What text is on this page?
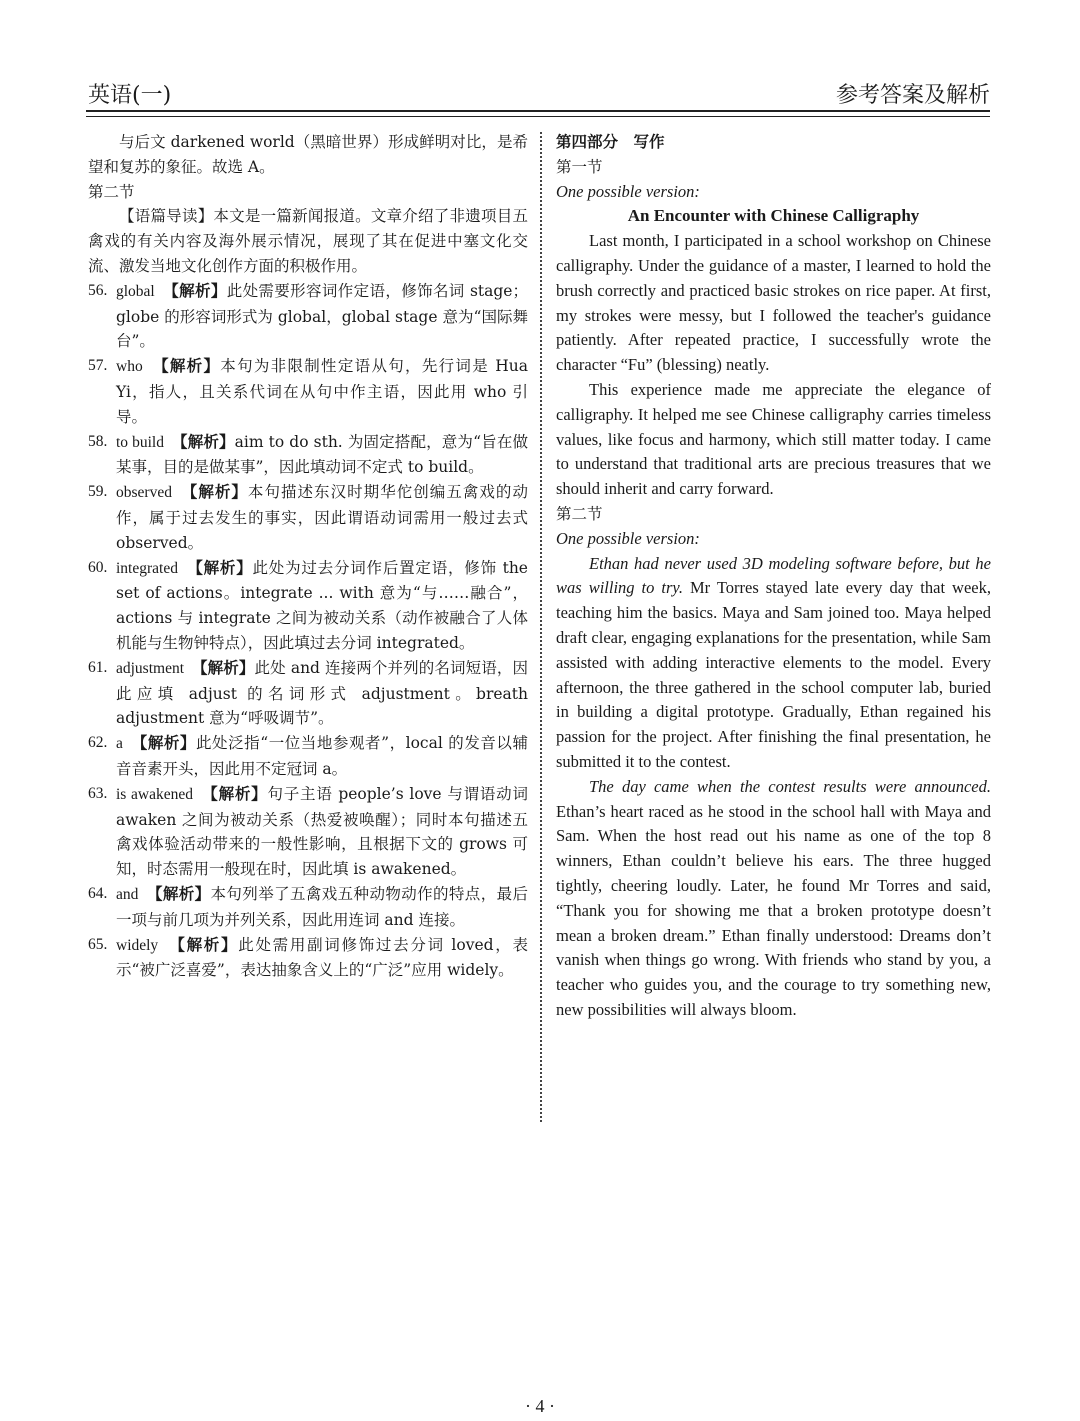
英语(一)	参考答案及解析

与后文 darkened world（黑暗世界）形成鲜明对比，是希望和复苏的象征。故选 A。

第二节

【语篇导读】本文是一篇新闻报道。文章介绍了非遗项目五禽戏的有关内容及海外展示情况，展现了其在促进中塞文化交流、激发当地文化创作方面的积极作用。

56. global　 【解析】此处需要形容词作定语，修饰名词 stage；globe 的形容词形式为 global，global stage 意为“国际舞台”。
57. who　 【解析】本句为非限制性定语从句，先行词是 Hua Yi，指人，且关系代词在从句中作主语，因此用 who 引导。
58. to build　 【解析】aim to do sth. 为固定搭配，意为“旨在做某事，目的是做某事”，因此填动词不定式 to build。
59. observed　 【解析】本句描述东汉时期华佗创编五禽戏的动作，属于过去发生的事实，因此谓语动词需用一般过去式 observed。
60. integrated　 【解析】此处为过去分词作后置定语，修饰 the set of actions。integrate ... with 意为“与……融合”，actions 与 integrate 之间为被动关系（动作被融合了人体机能与生物钟特点），因此填过去分词 integrated。
61. adjustment　 【解析】此处 and 连接两个并列的名词短语，因此应填 adjust 的名词形式 adjustment。breath adjustment 意为“呼吸调节”。
62. a　 【解析】此处泛指“一位当地参观者”，local 的发音以辅音音素开头，因此用不定冠词 a。
63. is awakened　 【解析】句子主语 people’s love 与谓语动词 awaken 之间为被动关系（热爱被唤醒）；同时本句描述五禽戏体验活动带来的一般性影响，且根据下文的 grows 可知，时态需用一般现在时，因此填 is awakened。
64. and　 【解析】本句列举了五禽戏五种动物动作的特点，最后一项与前几项为并列关系，因此用连词 and 连接。
65. widely　 【解析】此处需用副词修饰过去分词 loved，表示“被广泛喜爱”，表达抽象含义上的“广泛”应用 widely。

第四部分　写作

第一节

One possible version:

An Encounter with Chinese Calligraphy

Last month, I participated in a school workshop on Chinese calligraphy. Under the guidance of a master, I learned to hold the brush correctly and practiced basic strokes on rice paper. At first, my strokes were messy, but I followed the teacher's guidance patiently. After repeated practice, I successfully wrote the character “Fu” (blessing) neatly.

This experience made me appreciate the elegance of calligraphy. It helped me see Chinese calligraphy carries timeless values, like focus and harmony, which still matter today. I came to understand that traditional arts are precious treasures that we should inherit and carry forward.

第二节

One possible version:

Ethan had never used 3D modeling software before, but he was willing to try. Mr Torres stayed late every day that week, teaching him the basics. Maya and Sam joined too. Maya helped draft clear, engaging explanations for the presentation, while Sam assisted with adding interactive elements to the model. Every afternoon, the three gathered in the school computer lab, buried in building a digital prototype. Gradually, Ethan regained his passion for the project. After finishing the final presentation, he submitted it to the contest.

The day came when the contest results were announced. Ethan’s heart raced as he stood in the school hall with Maya and Sam. When the host read out his name as one of the top 8 winners, Ethan couldn’t believe his ears. The three hugged tightly, cheering loudly. Later, he found Mr Torres and said, “Thank you for showing me that a broken prototype doesn’t mean a broken dream.” Ethan finally understood: Dreams don’t vanish when things go wrong. With friends who stand by you, a teacher who guides you, and the courage to try something new, new possibilities will always bloom.

· 4 ·
